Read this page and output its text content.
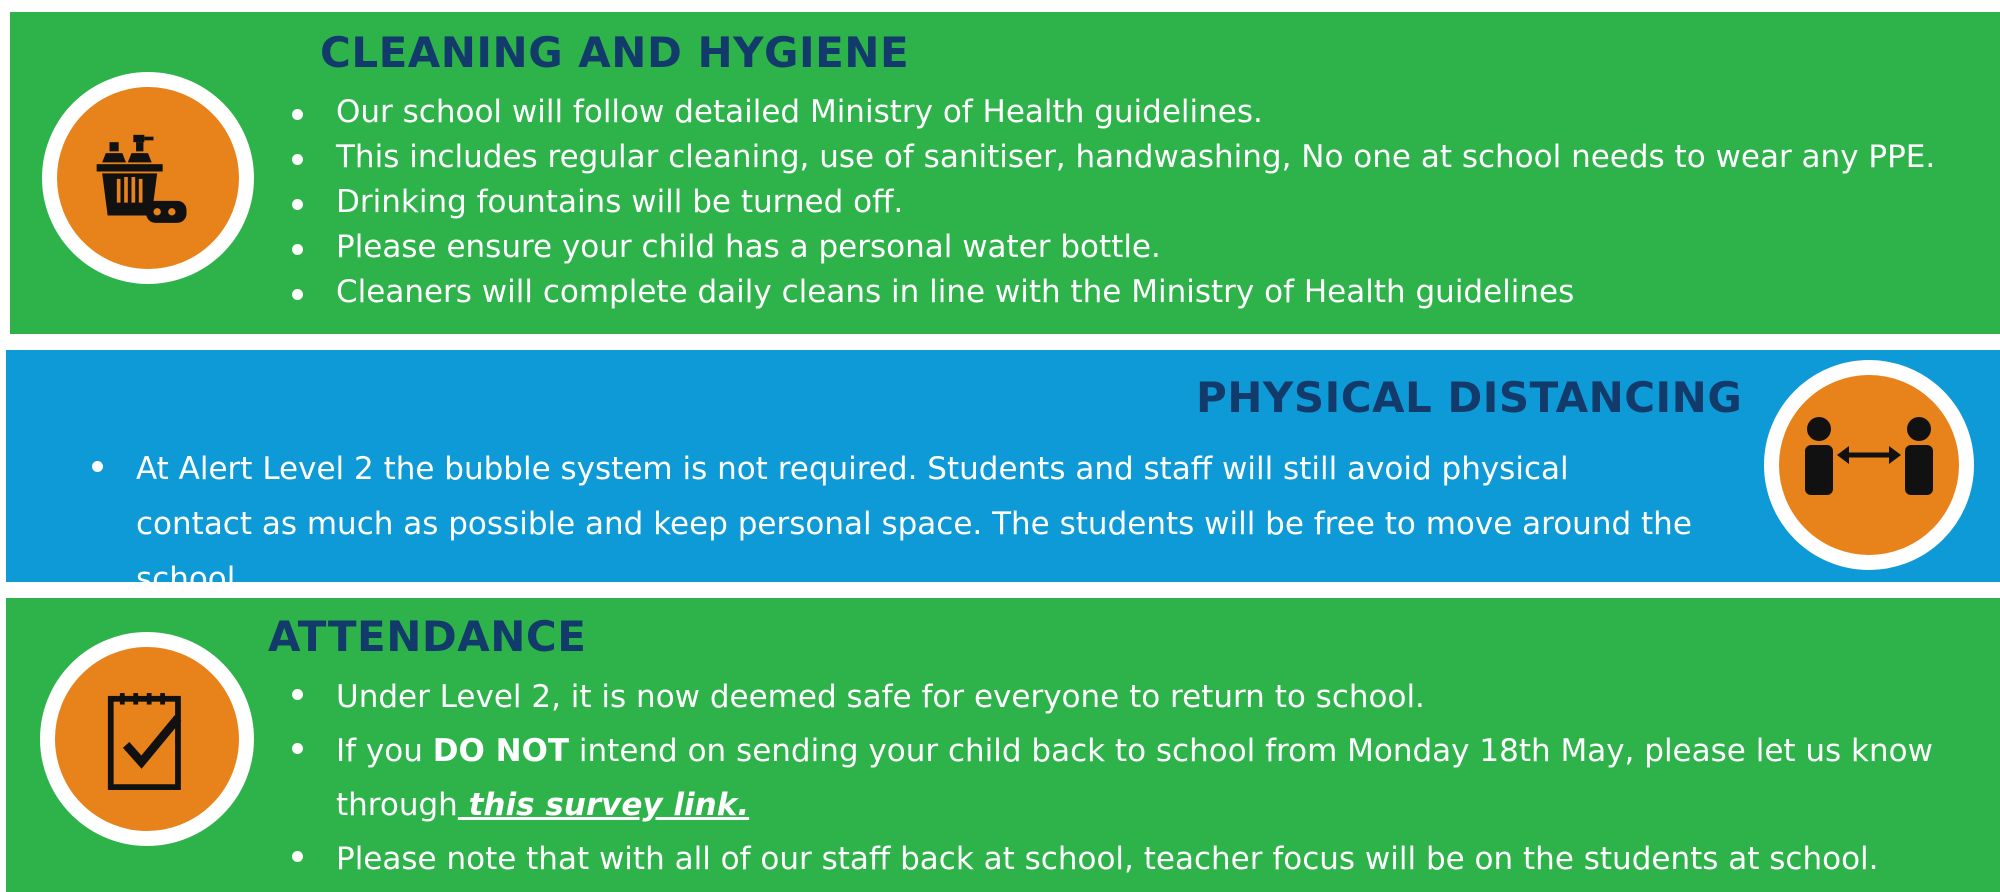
CLEANING AND HYGIENE
Our school will follow detailed Ministry of Health guidelines.
This includes regular cleaning, use of sanitiser, handwashing, No one at school needs to wear any PPE.
Drinking fountains will be turned off.
Please ensure your child has a personal water bottle.
Cleaners will complete daily cleans in line with the Ministry of Health guidelines
PHYSICAL DISTANCING
At Alert Level 2 the bubble system is not required. Students and staff will still avoid physical contact as much as possible and keep personal space. The students will be free to move around the school.
ATTENDANCE
Under Level 2, it is now deemed safe for everyone to return to school.
If you DO NOT intend on sending your child back to school from Monday 18th May, please let us know through this survey link.
Please note that with all of our staff back at school, teacher focus will be on the students at school.
